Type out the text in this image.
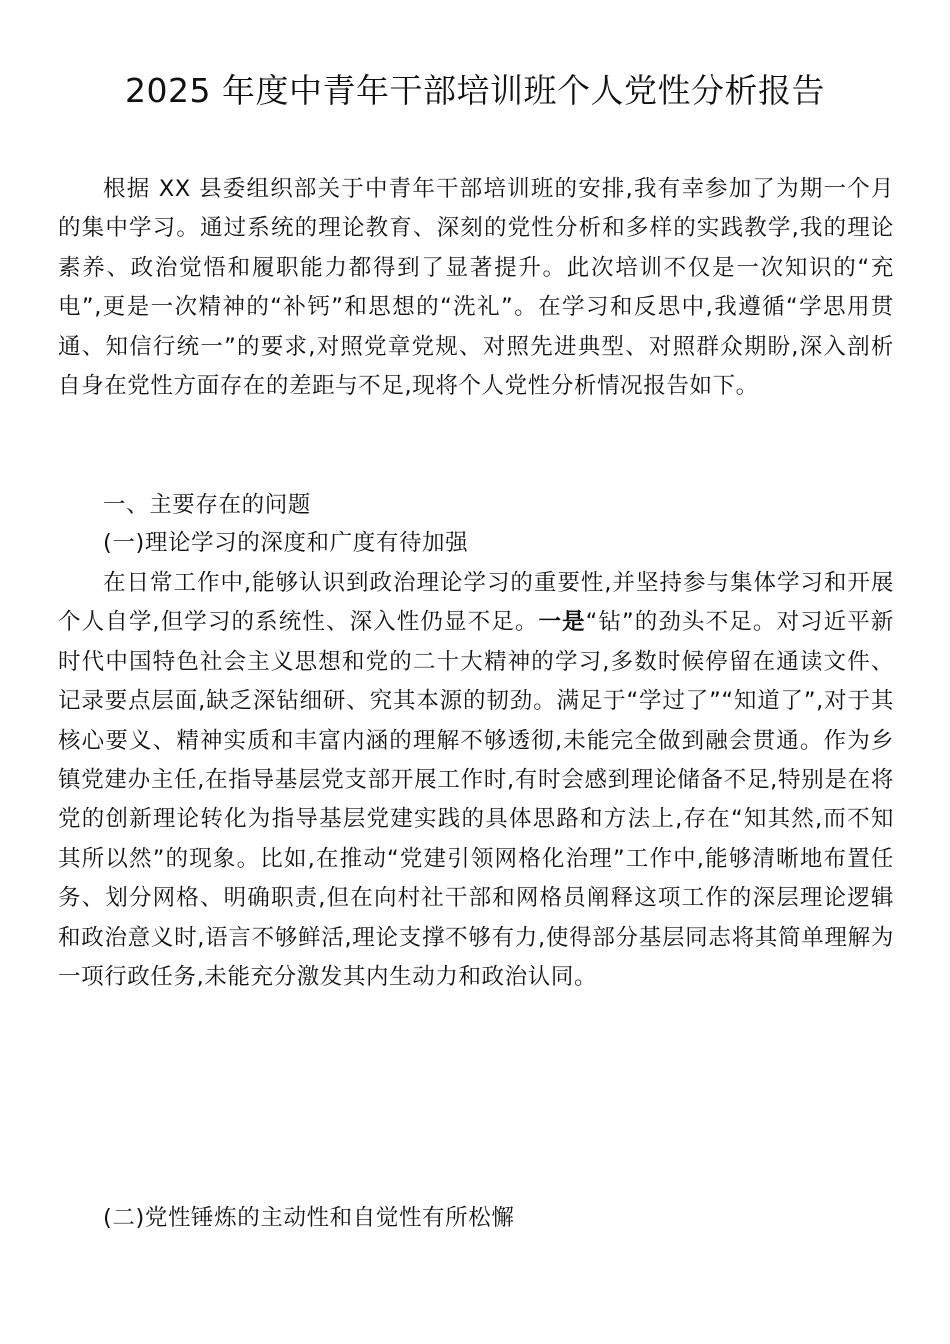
2025 年度中青年干部培训班个人党性分析报告

根据 XX 县委组织部关于中青年干部培训班的安排,我有幸参加了为期一个月的集中学习。通过系统的理论教育、深刻的党性分析和多样的实践教学,我的理论素养、政治觉悟和履职能力都得到了显著提升。此次培训不仅是一次知识的“充电”,更是一次精神的“补钙”和思想的“洗礼”。在学习和反思中,我遵循“学思用贯通、知信行统一”的要求,对照党章党规、对照先进典型、对照群众期盼,深入剖析自身在党性方面存在的差距与不足,现将个人党性分析情况报告如下。

一、主要存在的问题

(一)理论学习的深度和广度有待加强

在日常工作中,能够认识到政治理论学习的重要性,并坚持参与集体学习和开展个人自学,但学习的系统性、深入性仍显不足。一是“钻”的劲头不足。对习近平新时代中国特色社会主义思想和党的二十大精神的学习,多数时候停留在通读文件、记录要点层面,缺乏深钻细研、究其本源的韧劲。满足于“学过了”“知道了”,对于其核心要义、精神实质和丰富内涵的理解不够透彻,未能完全做到融会贯通。作为乡镇党建办主任,在指导基层党支部开展工作时,有时会感到理论储备不足,特别是在将党的创新理论转化为指导基层党建实践的具体思路和方法上,存在“知其然,而不知其所以然”的现象。比如,在推动“党建引领网格化治理”工作中,能够清晰地布置任务、划分网格、明确职责,但在向村社干部和网格员阐释这项工作的深层理论逻辑和政治意义时,语言不够鲜活,理论支撑不够有力,使得部分基层同志将其简单理解为一项行政任务,未能充分激发其内生动力和政治认同。

(二)党性锤炼的主动性和自觉性有所松懈
